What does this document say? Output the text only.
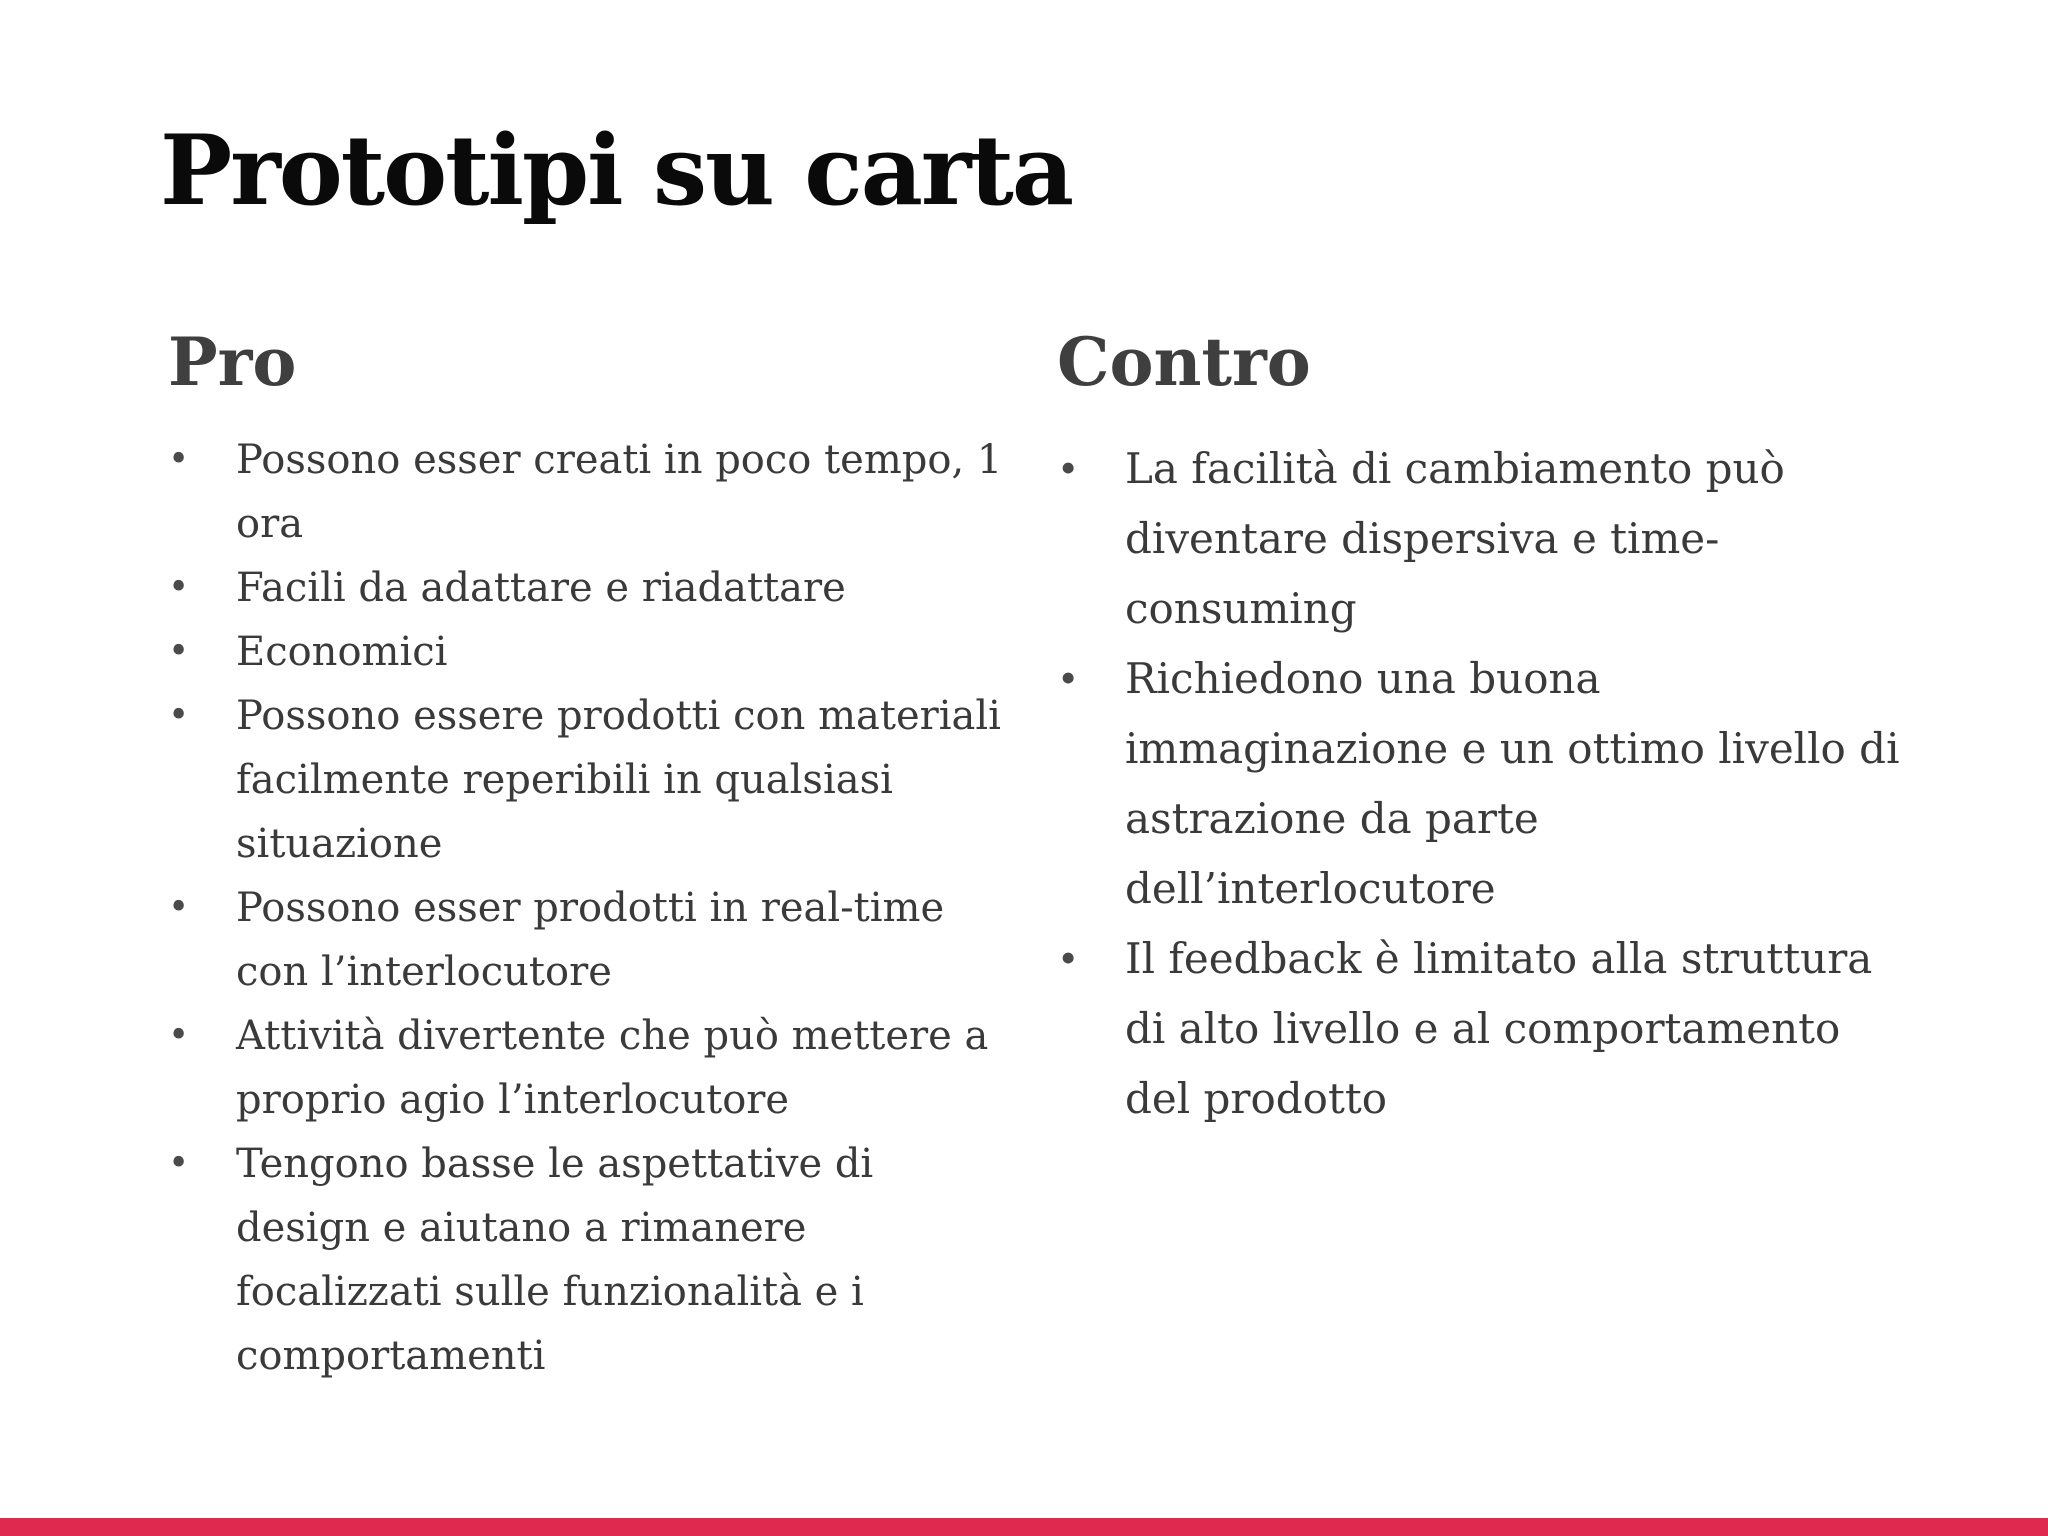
Prototipi su carta
Pro
• Possono esser creati in poco tempo, 1 ora
• Facili da adattare e riadattare
• Economici
• Possono essere prodotti con materiali facilmente reperibili in qualsiasi situazione
• Possono esser prodotti in real-time con l’interlocutore
• Attività divertente che può mettere a proprio agio l’interlocutore
• Tengono basse le aspettative di design e aiutano a rimanere focalizzati sulle funzionalità e i comportamenti
Contro
• La facilità di cambiamento può diventare dispersiva e time-consuming
• Richiedono una buona immaginazione e un ottimo livello di astrazione da parte dell’interlocutore
• Il feedback è limitato alla struttura di alto livello e al comportamento del prodotto
